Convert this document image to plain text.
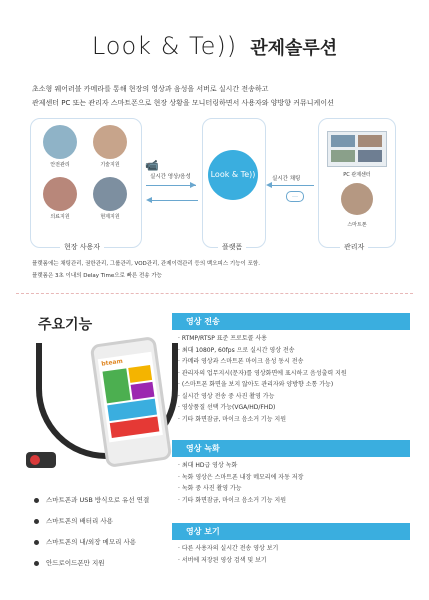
Look & Te)) 관제솔루션
초소형 웨어러블 카메라를 통해 현장의 영상과 음성을 서버로 실시간 전송하고
관제센터 PC 또는 관리자 스마트폰으로 현장 상황을 모니터링하면서 사용자와 양방향 커뮤니케이션
안전관리	기술지원
의료지원	현제지원
현장 사용자
📹
실시간 영상/음성	Look & Te))
플랫폼
실시간 채팅
…
PC 관제센터
스마트폰
관리자
플랫폼에는 채팅관리, 권한관리, 그룹관리, VOD관리, 관제이력관리 등의 백오피스 기능이 포함.
플랫폼은 3초 이내의 Delay Time으로 빠른 전송 가능
주요기능
bteam
스마트폰과 USB 방식으로 유선 연결
스마트폰의 배터리 사용
스마트폰의 내/외장 메모리 사용
안드로이드폰만 지원
영상 전송
· RTMP/RTSP 표준 프로토콜 사용
· 최대 1080P, 60fps 으로 실시간 영상 전송
· 카메라 영상과 스마트폰 마이크 음성 동시 전송
· 관리자의 업무지시(문자)를 영상화면에 표시하고 음성출력 지원
· (스마트폰 화면을 보지 않아도 관리자와 양방향 소통 가능)
· 실시간 영상 전송 중 사진 촬영 가능
· 영상품질 선택 가능(VGA/HD/FHD)
· 기타 화면잠금, 마이크 음소거 기능 지원
영상 녹화
· 최대 HD급 영상 녹화
· 녹화 영상은 스마트폰 내장 메모리에 자동 저장
· 녹화 중 사진 촬영 가능
· 기타 화면잠금, 마이크 음소거 기능 지원
영상 보기
· 다른 사용자의 실시간 전송 영상 보기
· 서버에 저장된 영상 검색 및 보기
